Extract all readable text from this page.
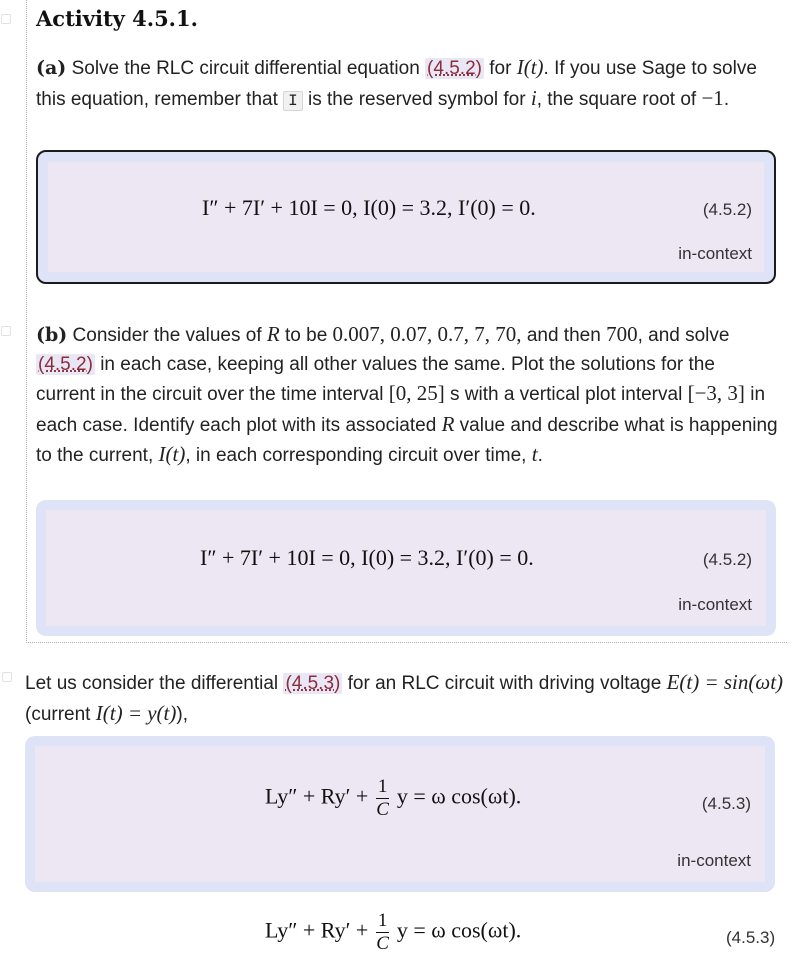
Activity 4.5.1.
(a) Solve the RLC circuit differential equation (4.5.2) for I(t). If you use Sage to solve this equation, remember that I is the reserved symbol for i, the square root of −1.
I″ + 7I′ + 10I = 0, I(0) = 3.2, I′(0) = 0.	(4.5.2)
in-context
(b) Consider the values of R to be 0.007, 0.07, 0.7, 7, 70, and then 700, and solve (4.5.2) in each case, keeping all other values the same. Plot the solutions for the current in the circuit over the time interval [0, 25] s with a vertical plot interval [−3, 3] in each case. Identify each plot with its associated R value and describe what is happening to the current, I(t), in each corresponding circuit over time, t.
I″ + 7I′ + 10I = 0, I(0) = 3.2, I′(0) = 0.	(4.5.2)
in-context
Let us consider the differential (4.5.3) for an RLC circuit with driving voltage E(t) = sin(ωt) (current I(t) = y(t)),
$Ly'' + Ry' + \frac{1}{C}$ y = ω cos(ωt).	(4.5.3)
in-context
$Ly'' + Ry' + \frac{1}{C}$ y = ω cos(ωt).	(4.5.3)
